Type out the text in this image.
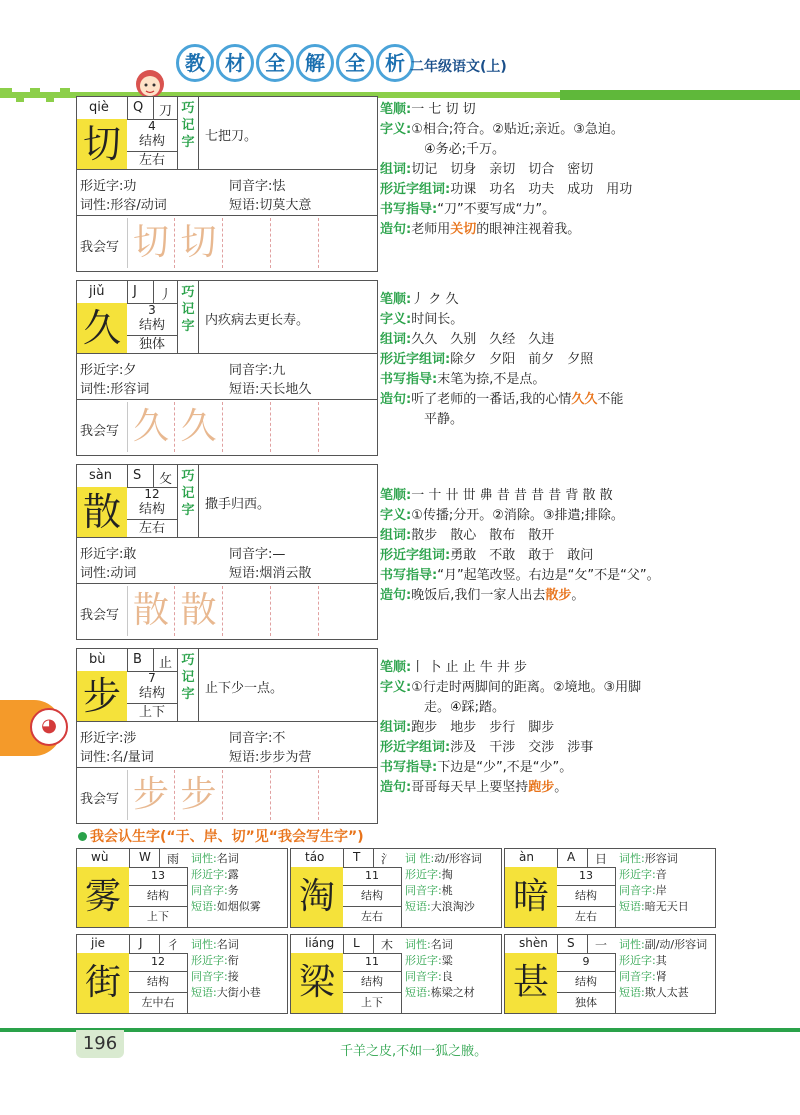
教	材	全	解	全	析 二年级语文(上)
qiè Q 刀
切	4
结构
左右
巧记字 七把刀。
形近字:功	同音字:怯
词性:形容/动词	短语:切莫大意
我会写 切 切
笔顺:一 七 切 切
字义:①相合;符合。②贴近;亲近。③急迫。
④务必;千万。
组词:切记　切身　亲切　切合　密切
形近字组词:功课　功名　功夫　成功　用功
书写指导:“刀”不要写成“力”。
造句:老师用关切的眼神注视着我。
jiǔ J 丿
久	3
结构
独体
巧记字 内疚病去更长寿。
形近字:夕	同音字:九
词性:形容词	短语:天长地久
我会写 久 久
笔顺:丿 ク 久
字义:时间长。
组词:久久　久别　久经　久违
形近字组词:除夕　夕阳　前夕　夕照
书写指导:末笔为捺,不是点。
造句:听了老师的一番话,我的心情久久不能
平静。
sàn S 攵
散	12
结构
左右
巧记字 撒手归西。
形近字:敢	同音字:—
词性:动词	短语:烟消云散
我会写 散 散
笔顺:一 十 卄 丗 丳 昔 昔 昔 昔 背 散 散
字义:①传播;分开。②消除。③排遣;排除。
组词:散步　散心　散布　散开
形近字组词:勇敢　不敢　敢于　敢问
书写指导:“月”起笔改竖。右边是“攵”不是“父”。
造句:晚饭后,我们一家人出去散步。
bù B 止
步	7
结构
上下
巧记字 止下少一点。
形近字:涉	同音字:不
词性:名/量词	短语:步步为营
我会写 步 步
笔顺:丨 卜 止 止 牛 井 步
字义:①行走时两脚间的距离。②境地。③用脚
走。④踩;踏。
组词:跑步　地步　步行　脚步
形近字组词:涉及　干涉　交涉　涉事
书写指导:下边是“少”,不是“少”。
造句:哥哥每天早上要坚持跑步。
◕
我会认生字(“于、岸、切”见“我会写生字”)
wù	W 雨
雾
13
结构
上下
词性:名词
形近字:露
同音字:务
短语:如烟似雾
táo T 氵
淘
11
结构
左右
词 性:动/形容词
形近字:掏
同音字:桃
短语:大浪淘沙
àn	A 日
暗
13
结构
左右
词性:形容词
形近字:音
同音字:岸
短语:暗无天日
jie	J 彳
街
12
结构
左中右
词性:名词
形近字:衔
同音字:接
短语:大街小巷
liáng L 木
梁
11
结构
上下
词性:名词
形近字:粱
同音字:良
短语:栋梁之材
shèn S 一
甚
9
结构
独体
词性:副/动/形容词
形近字:其
同音字:肾
短语:欺人太甚
196	千羊之皮,不如一狐之腋。
